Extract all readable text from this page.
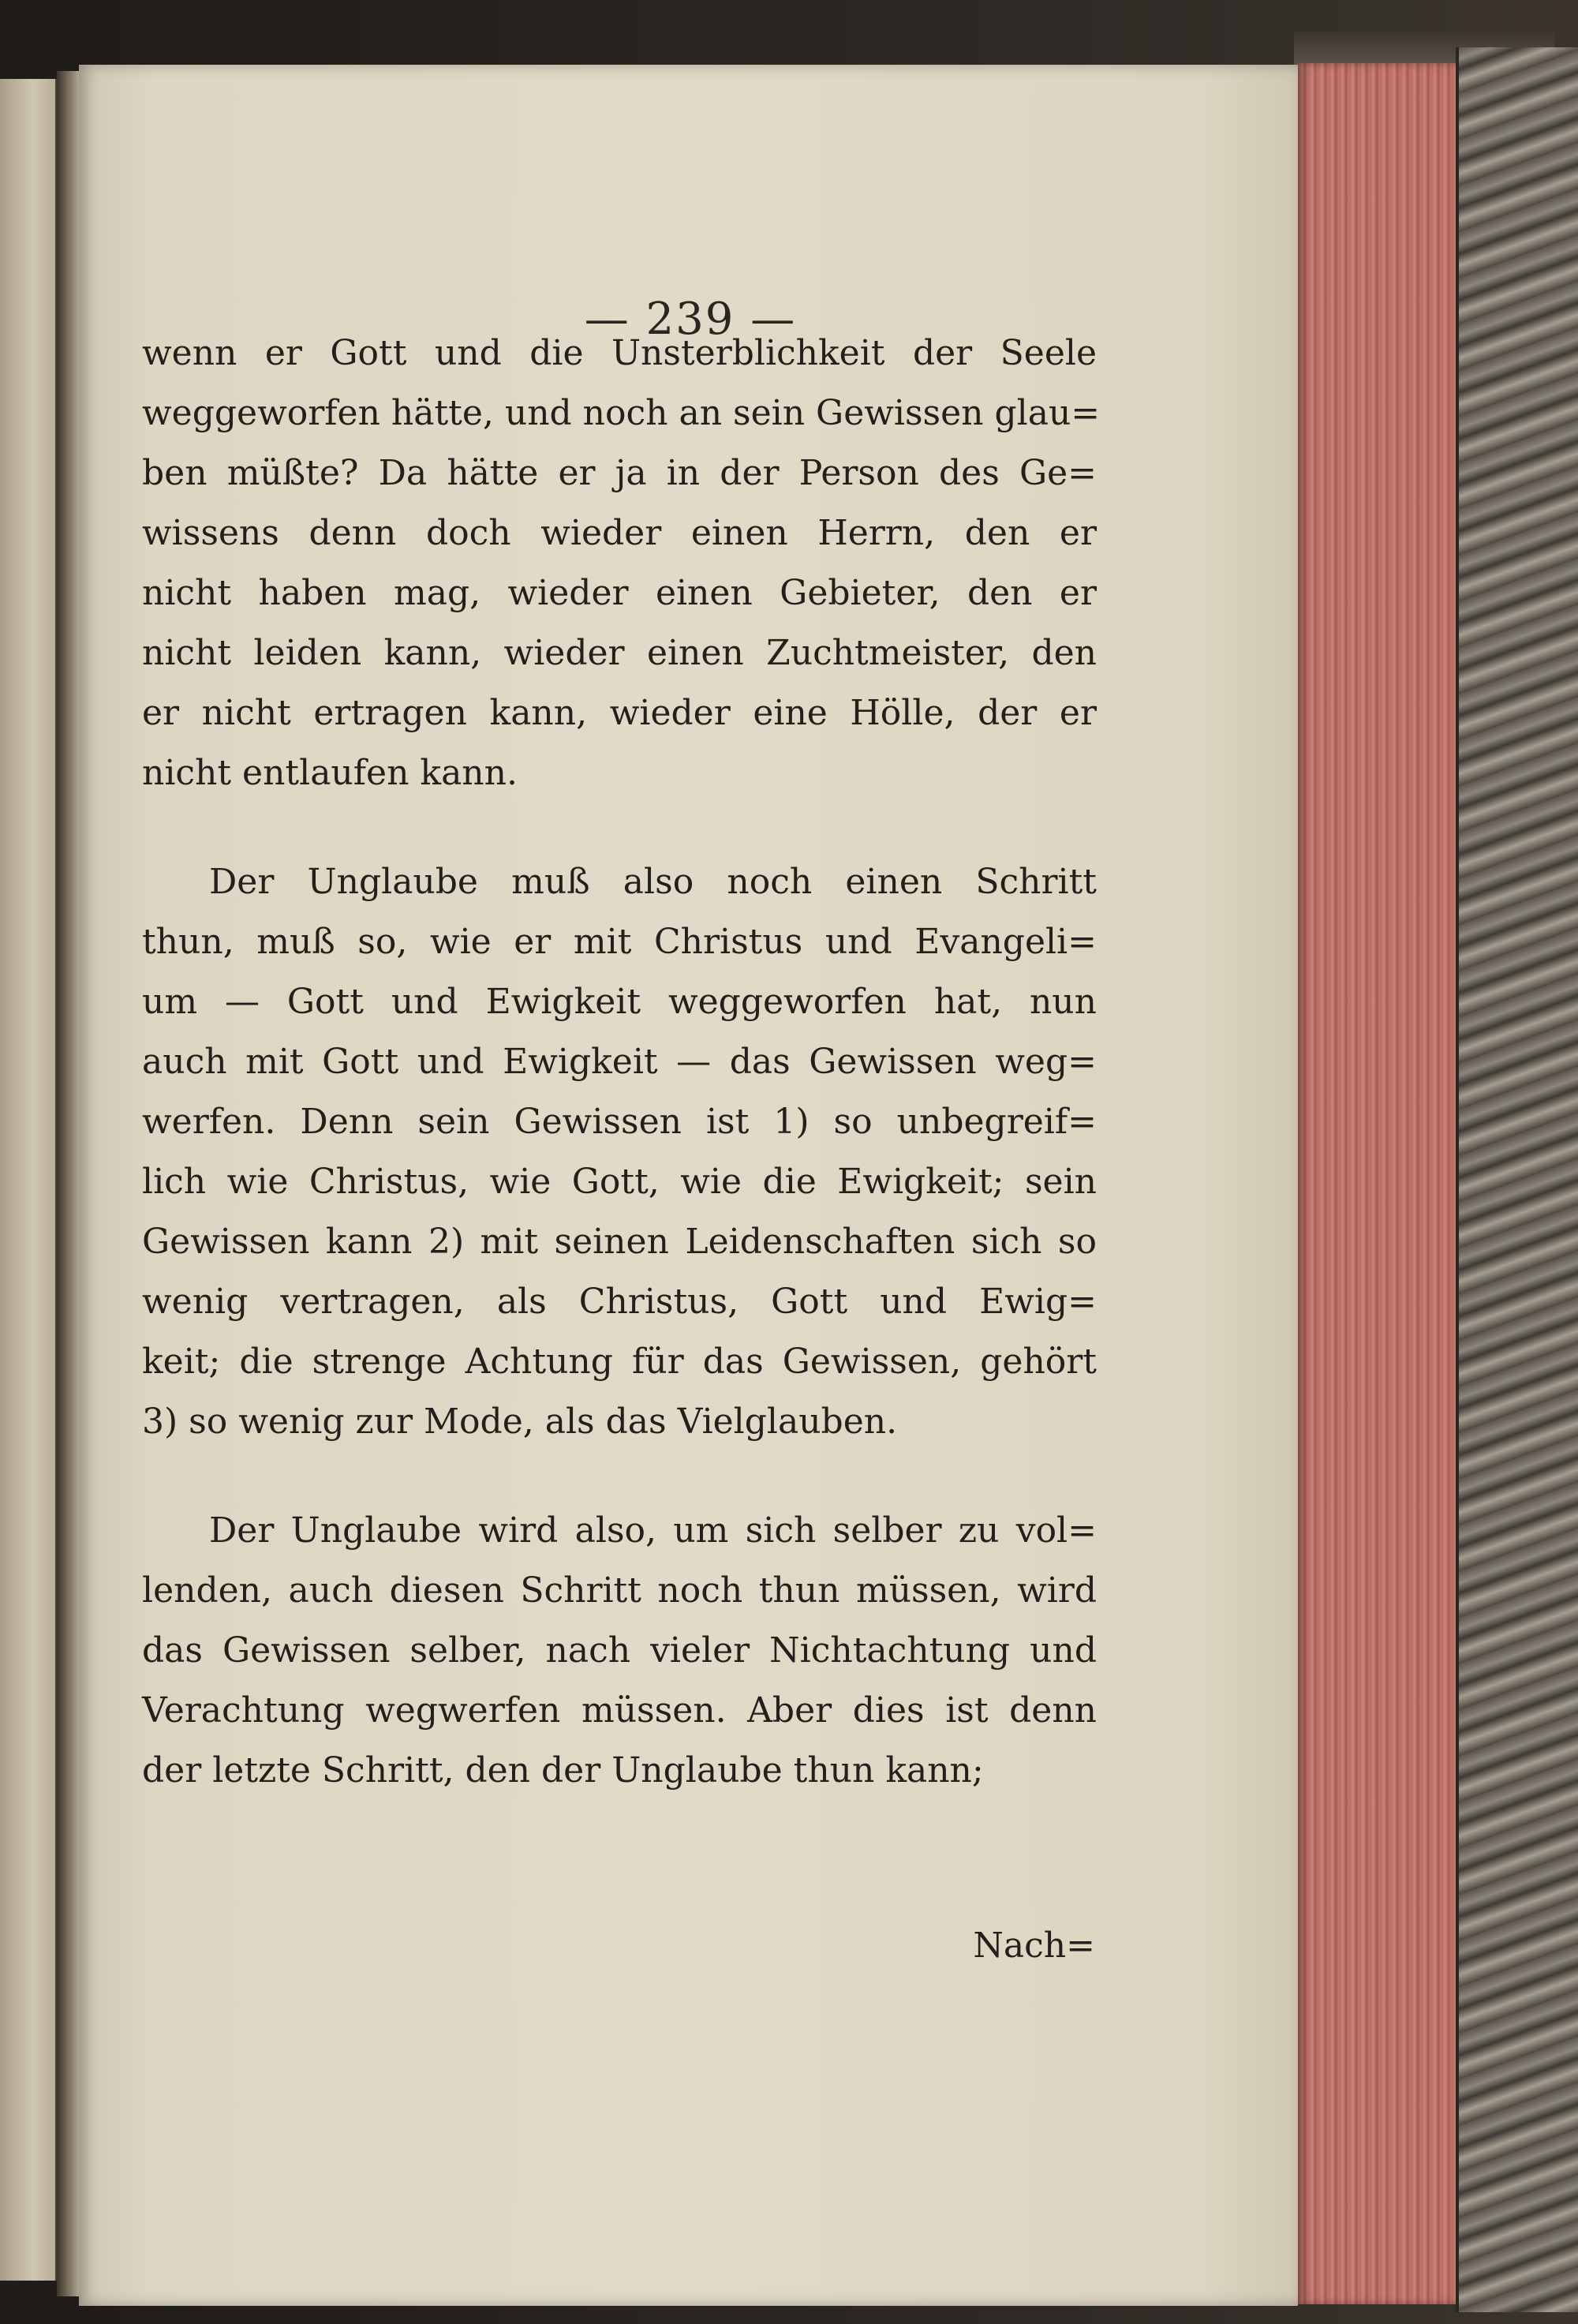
— 239 —
wenn er Gott und die Unsterblichkeit der Seele
weggeworfen hätte, und noch an sein Gewissen glau=
ben müßte? Da hätte er ja in der Person des Ge=
wissens denn doch wieder einen Herrn, den er
nicht haben mag, wieder einen Gebieter, den er
nicht leiden kann, wieder einen Zuchtmeister, den
er nicht ertragen kann, wieder eine Hölle, der er
nicht entlaufen kann.
Der Unglaube muß also noch einen Schritt
thun, muß so, wie er mit Christus und Evangeli=
um — Gott und Ewigkeit weggeworfen hat, nun
auch mit Gott und Ewigkeit — das Gewissen weg=
werfen. Denn sein Gewissen ist 1) so unbegreif=
lich wie Christus, wie Gott, wie die Ewigkeit; sein
Gewissen kann 2) mit seinen Leidenschaften sich so
wenig vertragen, als Christus, Gott und Ewig=
keit; die strenge Achtung für das Gewissen, gehört
3) so wenig zur Mode, als das Vielglauben.
Der Unglaube wird also, um sich selber zu vol=
lenden, auch diesen Schritt noch thun müssen, wird
das Gewissen selber, nach vieler Nichtachtung und
Verachtung wegwerfen müssen. Aber dies ist denn
der letzte Schritt, den der Unglaube thun kann;
Nach=
